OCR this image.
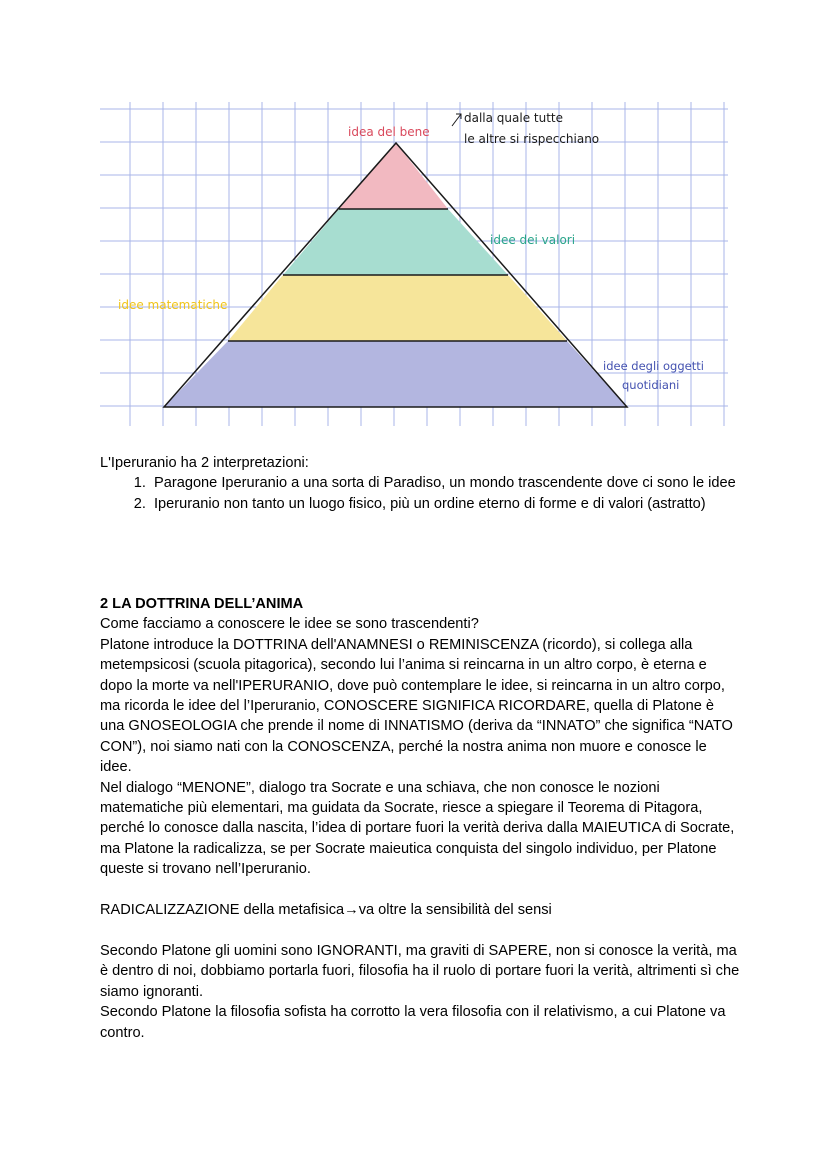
idea del bene
dalla quale tutte
le altre si rispecchiano
idee dei valori
idee matematiche
idee degli oggetti
quotidiani

L'Iperuranio ha 2 interpretazioni:

1. Paragone Iperuranio a una sorta di Paradiso, un mondo trascendente dove ci sono le idee
2. Iperuranio non tanto un luogo fisico, più un ordine eterno di forme e di valori (astratto)

2 LA DOTTRINA DELL’ANIMA

Come facciamo a conoscere le idee se sono trascendenti?

Platone introduce la DOTTRINA dell'ANAMNESI o REMINISCENZA (ricordo), si collega alla metempsicosi (scuola pitagorica), secondo lui l’anima si reincarna in un altro corpo, è eterna e dopo la morte va nell'IPERURANIO, dove può contemplare le idee, si reincarna in un altro corpo, ma ricorda le idee del l’Iperuranio, CONOSCERE SIGNIFICA RICORDARE, quella di Platone è una GNOSEOLOGIA che prende il nome di INNATISMO (deriva da “INNATO” che significa “NATO CON”), noi siamo nati con la CONOSCENZA, perché la nostra anima non muore e conosce le idee.

Nel dialogo “MENONE”, dialogo tra Socrate e una schiava, che non conosce le nozioni matematiche più elementari, ma guidata da Socrate, riesce a spiegare il Teorema di Pitagora, perché lo conosce dalla nascita, l’idea di portare fuori la verità deriva dalla MAIEUTICA di Socrate, ma Platone la radicalizza, se per Socrate maieutica conquista del singolo individuo, per Platone queste si trovano nell’Iperuranio.

RADICALIZZAZIONE della metafisica→va oltre la sensibilità del sensi

Secondo Platone gli uomini sono IGNORANTI, ma graviti di SAPERE, non si conosce la verità, ma è dentro di noi, dobbiamo portarla fuori, filosofia ha il ruolo di portare fuori la verità, altrimenti sì che siamo ignoranti.

Secondo Platone la filosofia sofista ha corrotto la vera filosofia con il relativismo, a cui Platone va contro.
